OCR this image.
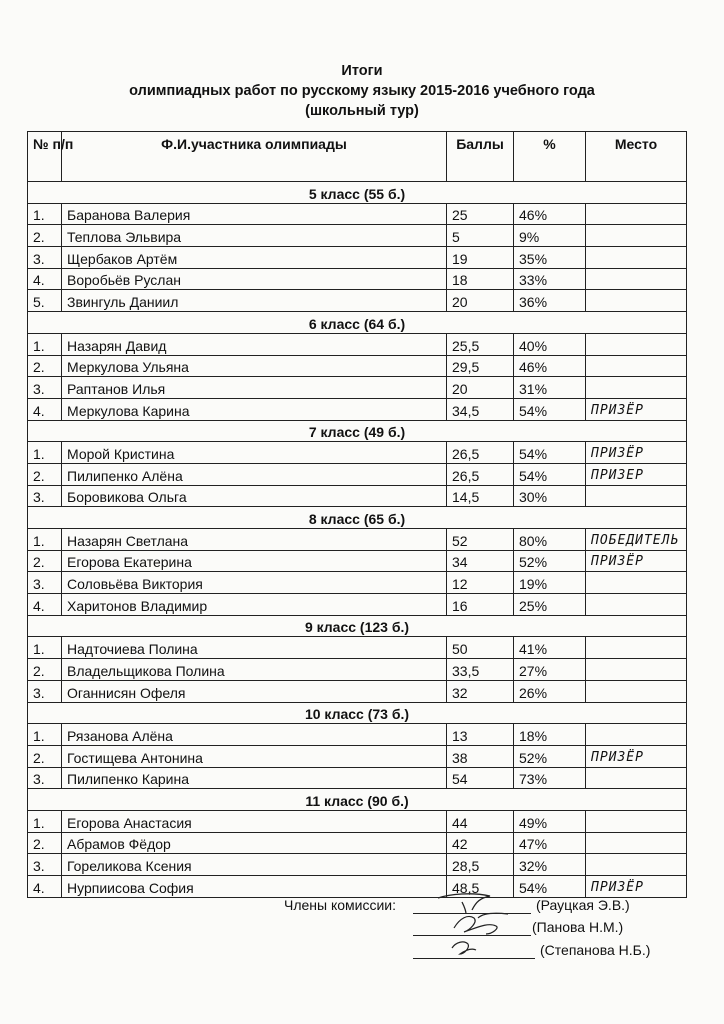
Итоги
олимпиадных работ по русскому языку 2015-2016 учебного года
(школьный тур)
№ п/п	Ф.И.участника олимпиады	Баллы	%	Место
5 класс (55 б.)				
1.	Баранова Валерия	25	46%	
2.	Теплова Эльвира	5	9%	
3.	Щербаков Артём	19	35%	
4.	Воробьёв Руслан	18	33%	
5.	Звингуль Даниил	20	36%	
6 класс (64 б.)				
1.	Назарян Давид	25,5	40%	
2.	Меркулова Ульяна	29,5	46%	
3.	Раптанов Илья	20	31%	
4.	Меркулова Карина	34,5	54%	ПРИЗЁР
7 класс (49 б.)				
1.	Морой Кристина	26,5	54%	ПРИЗЁР
2.	Пилипенко Алёна	26,5	54%	ПРИЗЕР
3.	Боровикова Ольга	14,5	30%	
8 класс (65 б.)				
1.	Назарян Светлана	52	80%	ПОБЕДИТЕЛЬ
2.	Егорова Екатерина	34	52%	ПРИЗЁР
3.	Соловьёва Виктория	12	19%	
4.	Харитонов Владимир	16	25%	
9 класс (123 б.)				
1.	Надточиева Полина	50	41%	
2.	Владельщикова Полина	33,5	27%	
3.	Оганнисян Офеля	32	26%	
10 класс (73 б.)				
1.	Рязанова Алёна	13	18%	
2.	Гостищева Антонина	38	52%	ПРИЗЁР
3.	Пилипенко Карина	54	73%	
11 класс (90 б.)				
1.	Егорова Анастасия	44	49%	
2.	Абрамов Фёдор	42	47%	
3.	Гореликова Ксения	28,5	32%	
4.	Нурпиисова София	48,5	54%	ПРИЗЁР
Члены комиссии:	(Рауцкая Э.В.)
(Панова Н.М.)
(Степанова Н.Б.)
